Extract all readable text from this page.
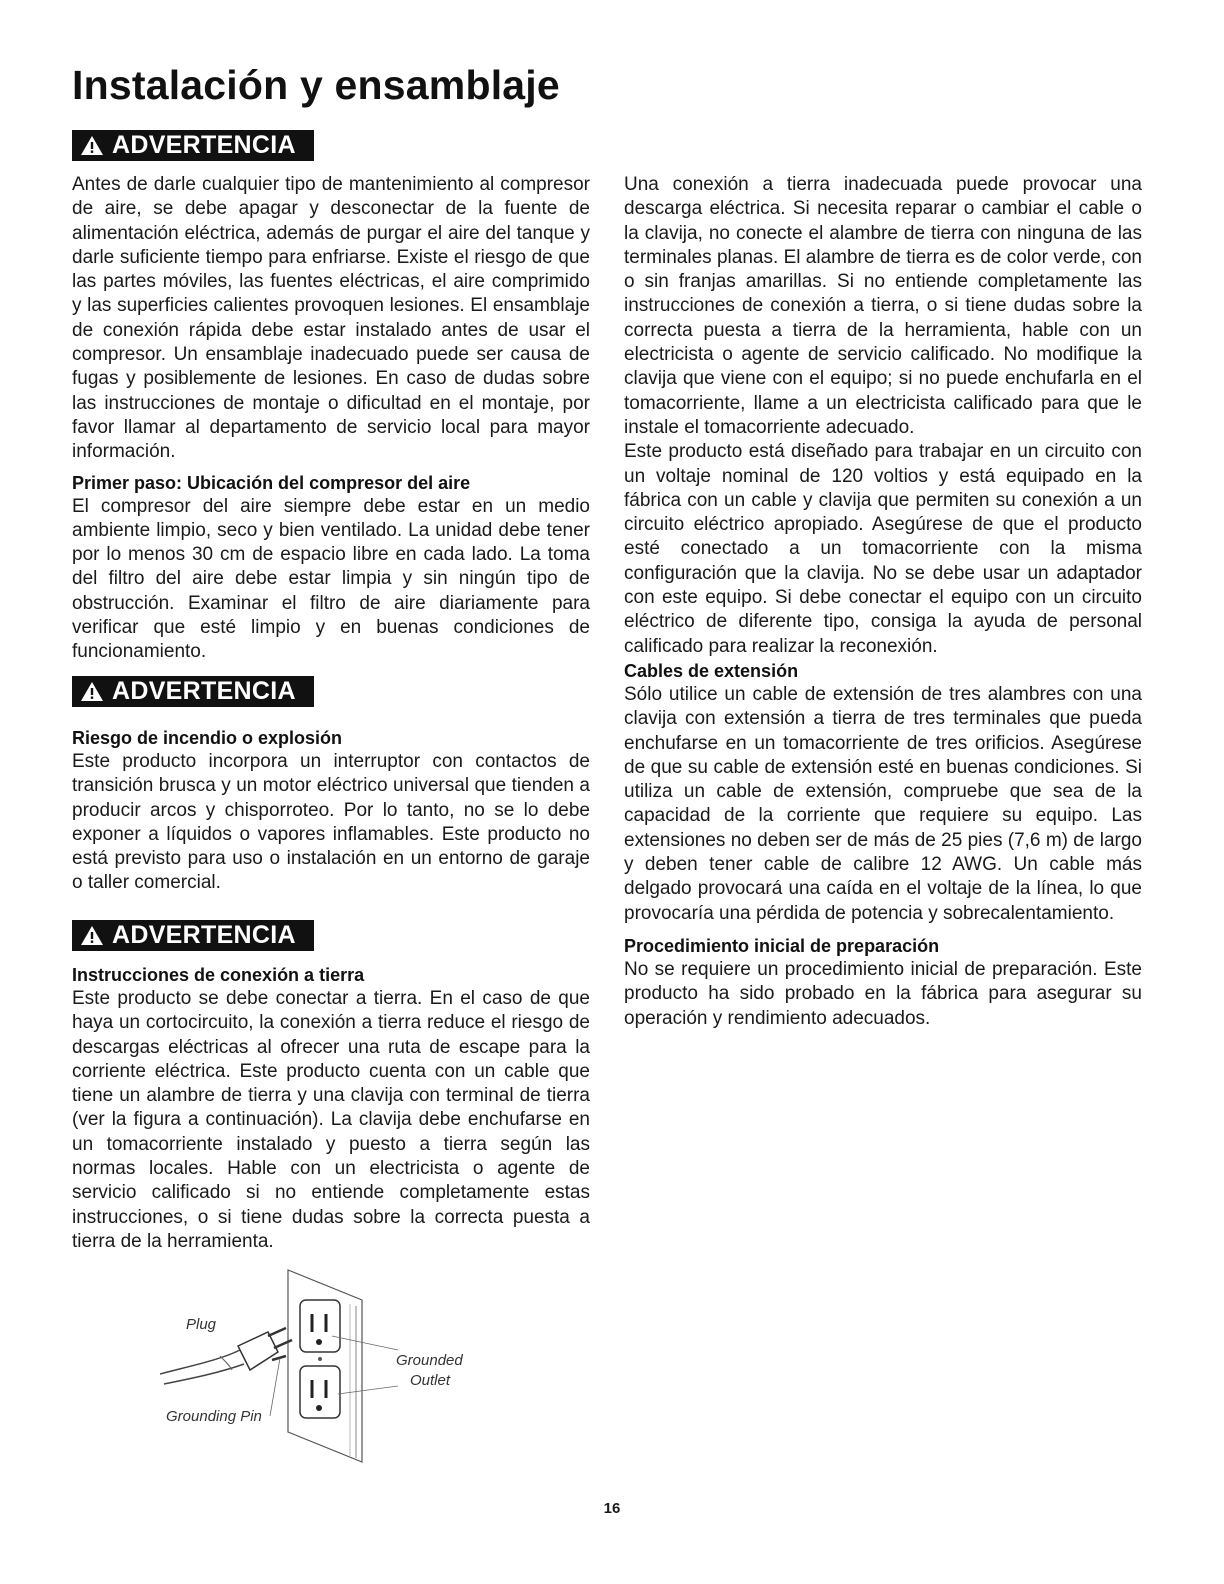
Instalación y ensamblaje
ADVERTENCIA

Antes de darle cualquier tipo de mantenimiento al compresor de aire, se debe apagar y desconectar de la fuente de alimentación eléctrica, además de purgar el aire del tanque y darle suficiente tiempo para enfriarse. Existe el riesgo de que las partes móviles, las fuentes eléctricas, el aire comprimido y las superficies calientes provoquen lesiones. El ensamblaje de conexión rápida debe estar instalado antes de usar el compresor. Un ensamblaje inadecuado puede ser causa de fugas y posiblemente de lesiones. En caso de dudas sobre las instrucciones de montaje o dificultad en el montaje, por favor llamar al departamento de servicio local para mayor información.

Primer paso: Ubicación del compresor del aire

El compresor del aire siempre debe estar en un medio ambiente limpio, seco y bien ventilado. La unidad debe tener por lo menos 30 cm de espacio libre en cada lado. La toma del filtro del aire debe estar limpia y sin ningún tipo de obstrucción. Examinar el filtro de aire diariamente para verificar que esté limpio y en buenas condiciones de funcionamiento.

ADVERTENCIA
Riesgo de incendio o explosión

Este producto incorpora un interruptor con contactos de transición brusca y un motor eléctrico universal que tienden a producir arcos y chisporroteo. Por lo tanto, no se lo debe exponer a líquidos o vapores inflamables. Este producto no está previsto para uso o instalación en un entorno de garaje o taller comercial.

ADVERTENCIA
Instrucciones de conexión a tierra

Este producto se debe conectar a tierra. En el caso de que haya un cortocircuito, la conexión a tierra reduce el riesgo de descargas eléctricas al ofrecer una ruta de escape para la corriente eléctrica. Este producto cuenta con un cable que tiene un alambre de tierra y una clavija con terminal de tierra (ver la figura a continuación). La clavija debe enchufarse en un tomacorriente instalado y puesto a tierra según las normas locales. Hable con un electricista o agente de servicio calificado si no entiende completamente estas instrucciones, o si tiene dudas sobre la correcta puesta a tierra de la herramienta.

Plug
Grounded
Outlet
Grounding Pin

Una conexión a tierra inadecuada puede provocar una descarga eléctrica. Si necesita reparar o cambiar el cable o la clavija, no conecte el alambre de tierra con ninguna de las terminales planas. El alambre de tierra es de color verde, con o sin franjas amarillas. Si no entiende completamente las instrucciones de conexión a tierra, o si tiene dudas sobre la correcta puesta a tierra de la herramienta, hable con un electricista o agente de servicio calificado. No modifique la clavija que viene con el equipo; si no puede enchufarla en el tomacorriente, llame a un electricista calificado para que le instale el tomacorriente adecuado.

Este producto está diseñado para trabajar en un circuito con un voltaje nominal de 120 voltios y está equipado en la fábrica con un cable y clavija que permiten su conexión a un circuito eléctrico apropiado. Asegúrese de que el producto esté conectado a un tomacorriente con la misma configuración que la clavija. No se debe usar un adaptador con este equipo. Si debe conectar el equipo con un circuito eléctrico de diferente tipo, consiga la ayuda de personal calificado para realizar la reconexión.

Cables de extensión

Sólo utilice un cable de extensión de tres alambres con una clavija con extensión a tierra de tres terminales que pueda enchufarse en un tomacorriente de tres orificios. Asegúrese de que su cable de extensión esté en buenas condiciones. Si utiliza un cable de extensión, compruebe que sea de la capacidad de la corriente que requiere su equipo. Las extensiones no deben ser de más de 25 pies (7,6 m) de largo y deben tener cable de calibre 12 AWG. Un cable más delgado provocará una caída en el voltaje de la línea, lo que provocaría una pérdida de potencia y sobrecalentamiento.

Procedimiento inicial de preparación

No se requiere un procedimiento inicial de preparación. Este producto ha sido probado en la fábrica para asegurar su operación y rendimiento adecuados.

16
